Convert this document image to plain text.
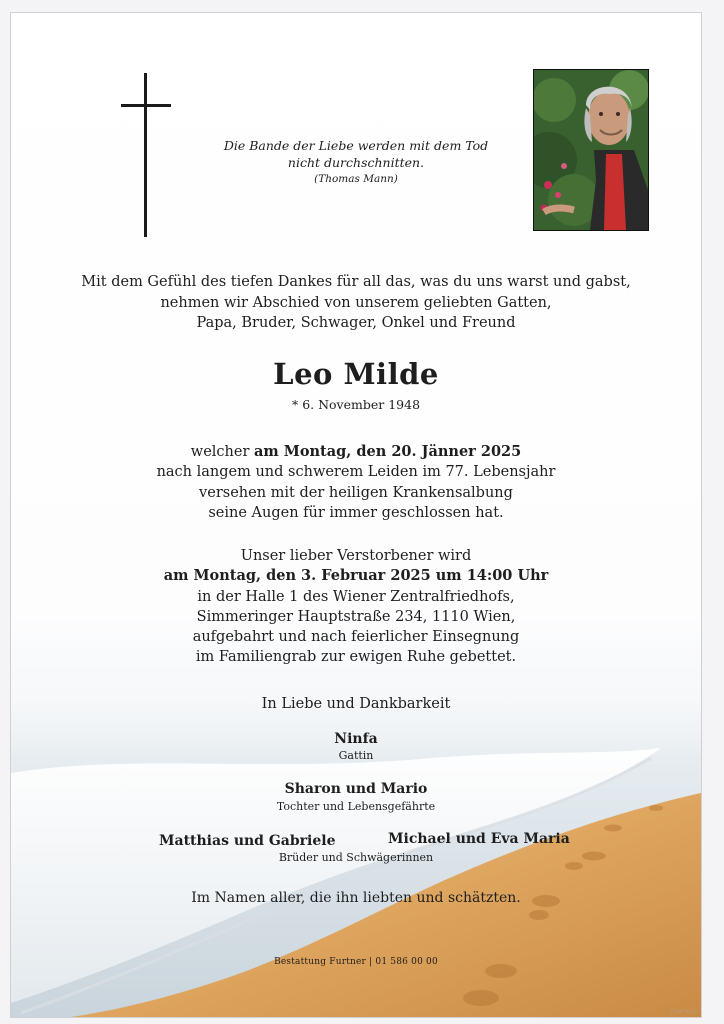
Die Bande der Liebe werden mit dem Tod
nicht durchschnitten.
(Thomas Mann)
Mit dem Gefühl des tiefen Dankes für all das, was du uns warst und gabst,
nehmen wir Abschied von unserem geliebten Gatten,
Papa, Bruder, Schwager, Onkel und Freund
Leo Milde
* 6. November 1948
welcher am Montag, den 20. Jänner 2025
nach langem und schwerem Leiden im 77. Lebensjahr
versehen mit der heiligen Krankensalbung
seine Augen für immer geschlossen hat.
Unser lieber Verstorbener wird
am Montag, den 3. Februar 2025 um 14:00 Uhr
in der Halle 1 des Wiener Zentralfriedhofs,
Simmeringer Hauptstraße 234, 1110 Wien,
aufgebahrt und nach feierlicher Einsegnung
im Familiengrab zur ewigen Ruhe gebettet.
In Liebe und Dankbarkeit
Ninfa
Gattin
Sharon und Mario
Tochter und Lebensgefährte
Matthias und Gabriele	Michael und Eva Maria
Brüder und Schwägerinnen
Im Namen aller, die ihn liebten und schätzten.
Bestattung Furtner | 01 586 00 00
C-EF 9262
